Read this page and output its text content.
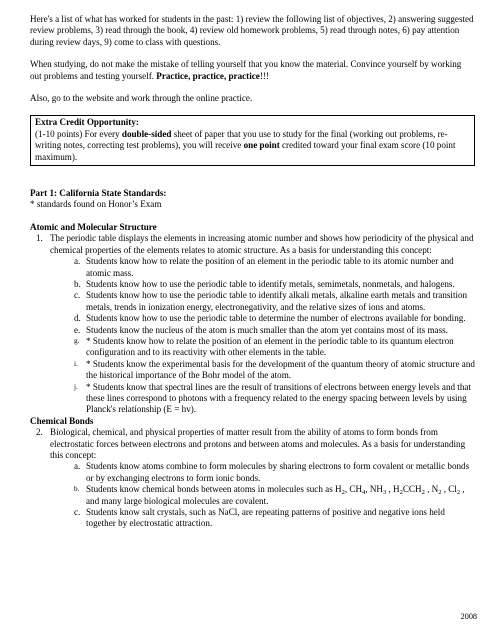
Here's a list of what has worked for students in the past: 1) review the following list of objectives, 2) answering suggested review problems, 3) read through the book, 4) review old homework problems, 5) read through notes, 6) pay attention during review days, 9) come to class with questions.

When studying, do not make the mistake of telling yourself that you know the material. Convince yourself by working out problems and testing yourself. Practice, practice, practice!!!

Also, go to the website and work through the online practice.

Extra Credit Opportunity:

(1-10 points) For every double-sided sheet of paper that you use to study for the final (working out problems, re-writing notes, correcting test problems), you will receive one point credited toward your final exam score (10 point maximum).

Part 1: California State Standards:

* standards found on Honor’s Exam

Atomic and Molecular Structure

1. The periodic table displays the elements in increasing atomic number and shows how periodicity of the physical and chemical properties of the elements relates to atomic structure. As a basis for understanding this concept:
a. Students know how to relate the position of an element in the periodic table to its atomic number and atomic mass.
b. Students know how to use the periodic table to identify metals, semimetals, nonmetals, and halogens.
c. Students know how to use the periodic table to identify alkali metals, alkaline earth metals and transition metals, trends in ionization energy, electronegativity, and the relative sizes of ions and atoms.
d. Students know how to use the periodic table to determine the number of electrons available for bonding.
e. Students know the nucleus of the atom is much smaller than the atom yet contains most of its mass.
g. * Students know how to relate the position of an element in the periodic table to its quantum electron configuration and to its reactivity with other elements in the table.
i. * Students know the experimental basis for the development of the quantum theory of atomic structure and the historical importance of the Bohr model of the atom.
j. * Students know that spectral lines are the result of transitions of electrons between energy levels and that these lines correspond to photons with a frequency related to the energy spacing between levels by using Planck's relationship (E = hv).

Chemical Bonds

2. Biological, chemical, and physical properties of matter result from the ability of atoms to form bonds from electrostatic forces between electrons and protons and between atoms and molecules. As a basis for understanding this concept:
a. Students know atoms combine to form molecules by sharing electrons to form covalent or metallic bonds or by exchanging electrons to form ionic bonds.
b. Students know chemical bonds between atoms in molecules such as $H_2$, $CH_4$, $NH_3$ , $H_2CCH_2$ , $N_2$ , $Cl_2$ , and many large biological molecules are covalent.
c. Students know salt crystals, such as NaCl, are repeating patterns of positive and negative ions held together by electrostatic attraction.
2008
